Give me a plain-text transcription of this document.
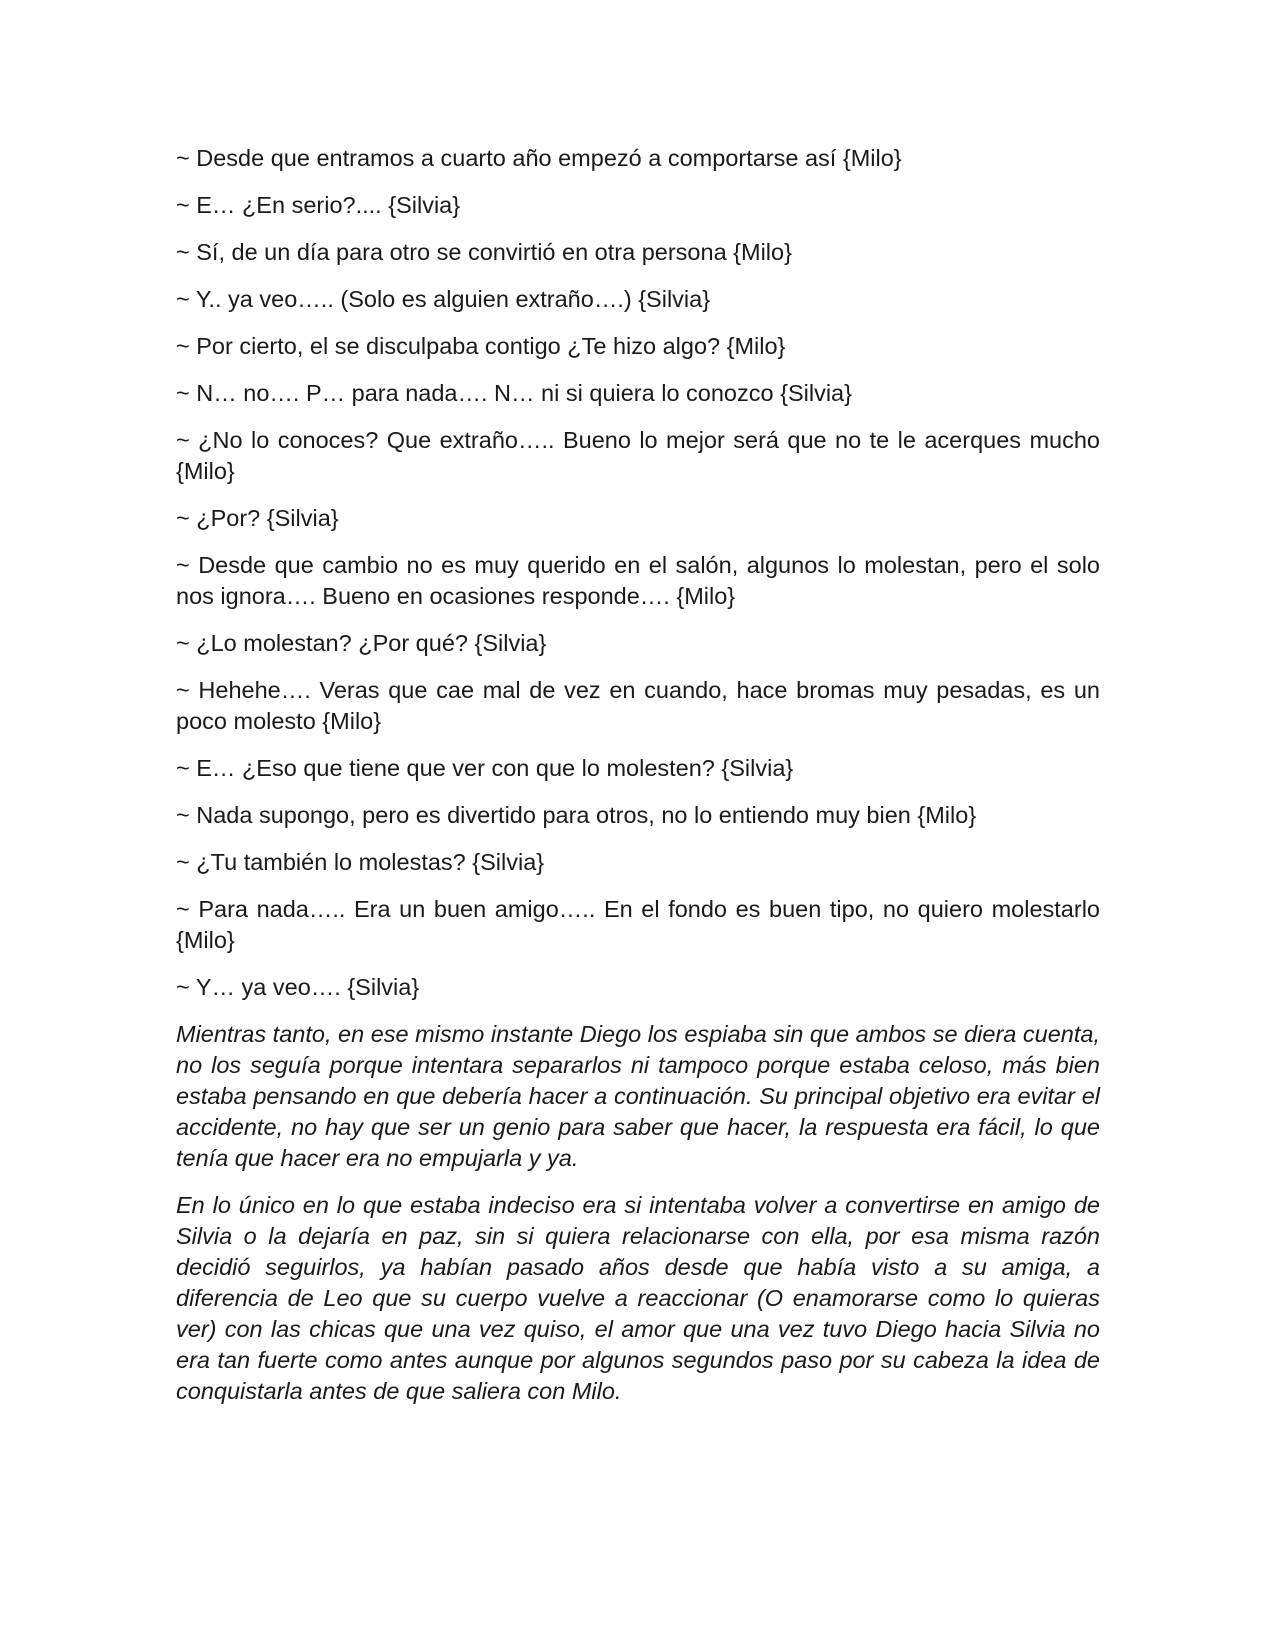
~ Desde que entramos a cuarto año empezó a comportarse así {Milo}

~ E… ¿En serio?.... {Silvia}

~ Sí, de un día para otro se convirtió en otra persona {Milo}

~ Y.. ya veo….. (Solo es alguien extraño….) {Silvia}

~ Por cierto, el se disculpaba contigo ¿Te hizo algo? {Milo}

~ N… no…. P… para nada…. N… ni si quiera lo conozco {Silvia}

~ ¿No lo conoces? Que extraño….. Bueno lo mejor será que no te le acerques mucho {Milo}

~ ¿Por? {Silvia}

~ Desde que cambio no es muy querido en el salón, algunos lo molestan, pero el solo nos ignora…. Bueno en ocasiones responde…. {Milo}

~ ¿Lo molestan? ¿Por qué? {Silvia}

~ Hehehe…. Veras que cae mal de vez en cuando, hace bromas muy pesadas, es un poco molesto {Milo}

~ E… ¿Eso que tiene que ver con que lo molesten? {Silvia}

~ Nada supongo, pero es divertido para otros, no lo entiendo muy bien {Milo}

~ ¿Tu también lo molestas? {Silvia}

~ Para nada….. Era un buen amigo….. En el fondo es buen tipo, no quiero molestarlo {Milo}

~ Y… ya veo…. {Silvia}

Mientras tanto, en ese mismo instante Diego los espiaba sin que ambos se diera cuenta, no los seguía porque intentara separarlos ni tampoco porque estaba celoso, más bien estaba pensando en que debería hacer a continuación. Su principal objetivo era evitar el accidente, no hay que ser un genio para saber que hacer, la respuesta era fácil, lo que tenía que hacer era no empujarla y ya.

En lo único en lo que estaba indeciso era si intentaba volver a convertirse en amigo de Silvia o la dejaría en paz, sin si quiera relacionarse con ella, por esa misma razón decidió seguirlos, ya habían pasado años desde que había visto a su amiga, a diferencia de Leo que su cuerpo vuelve a reaccionar (O enamorarse como lo quieras ver) con las chicas que una vez quiso, el amor que una vez tuvo Diego hacia Silvia no era tan fuerte como antes aunque por algunos segundos paso por su cabeza la idea de conquistarla antes de que saliera con Milo.
